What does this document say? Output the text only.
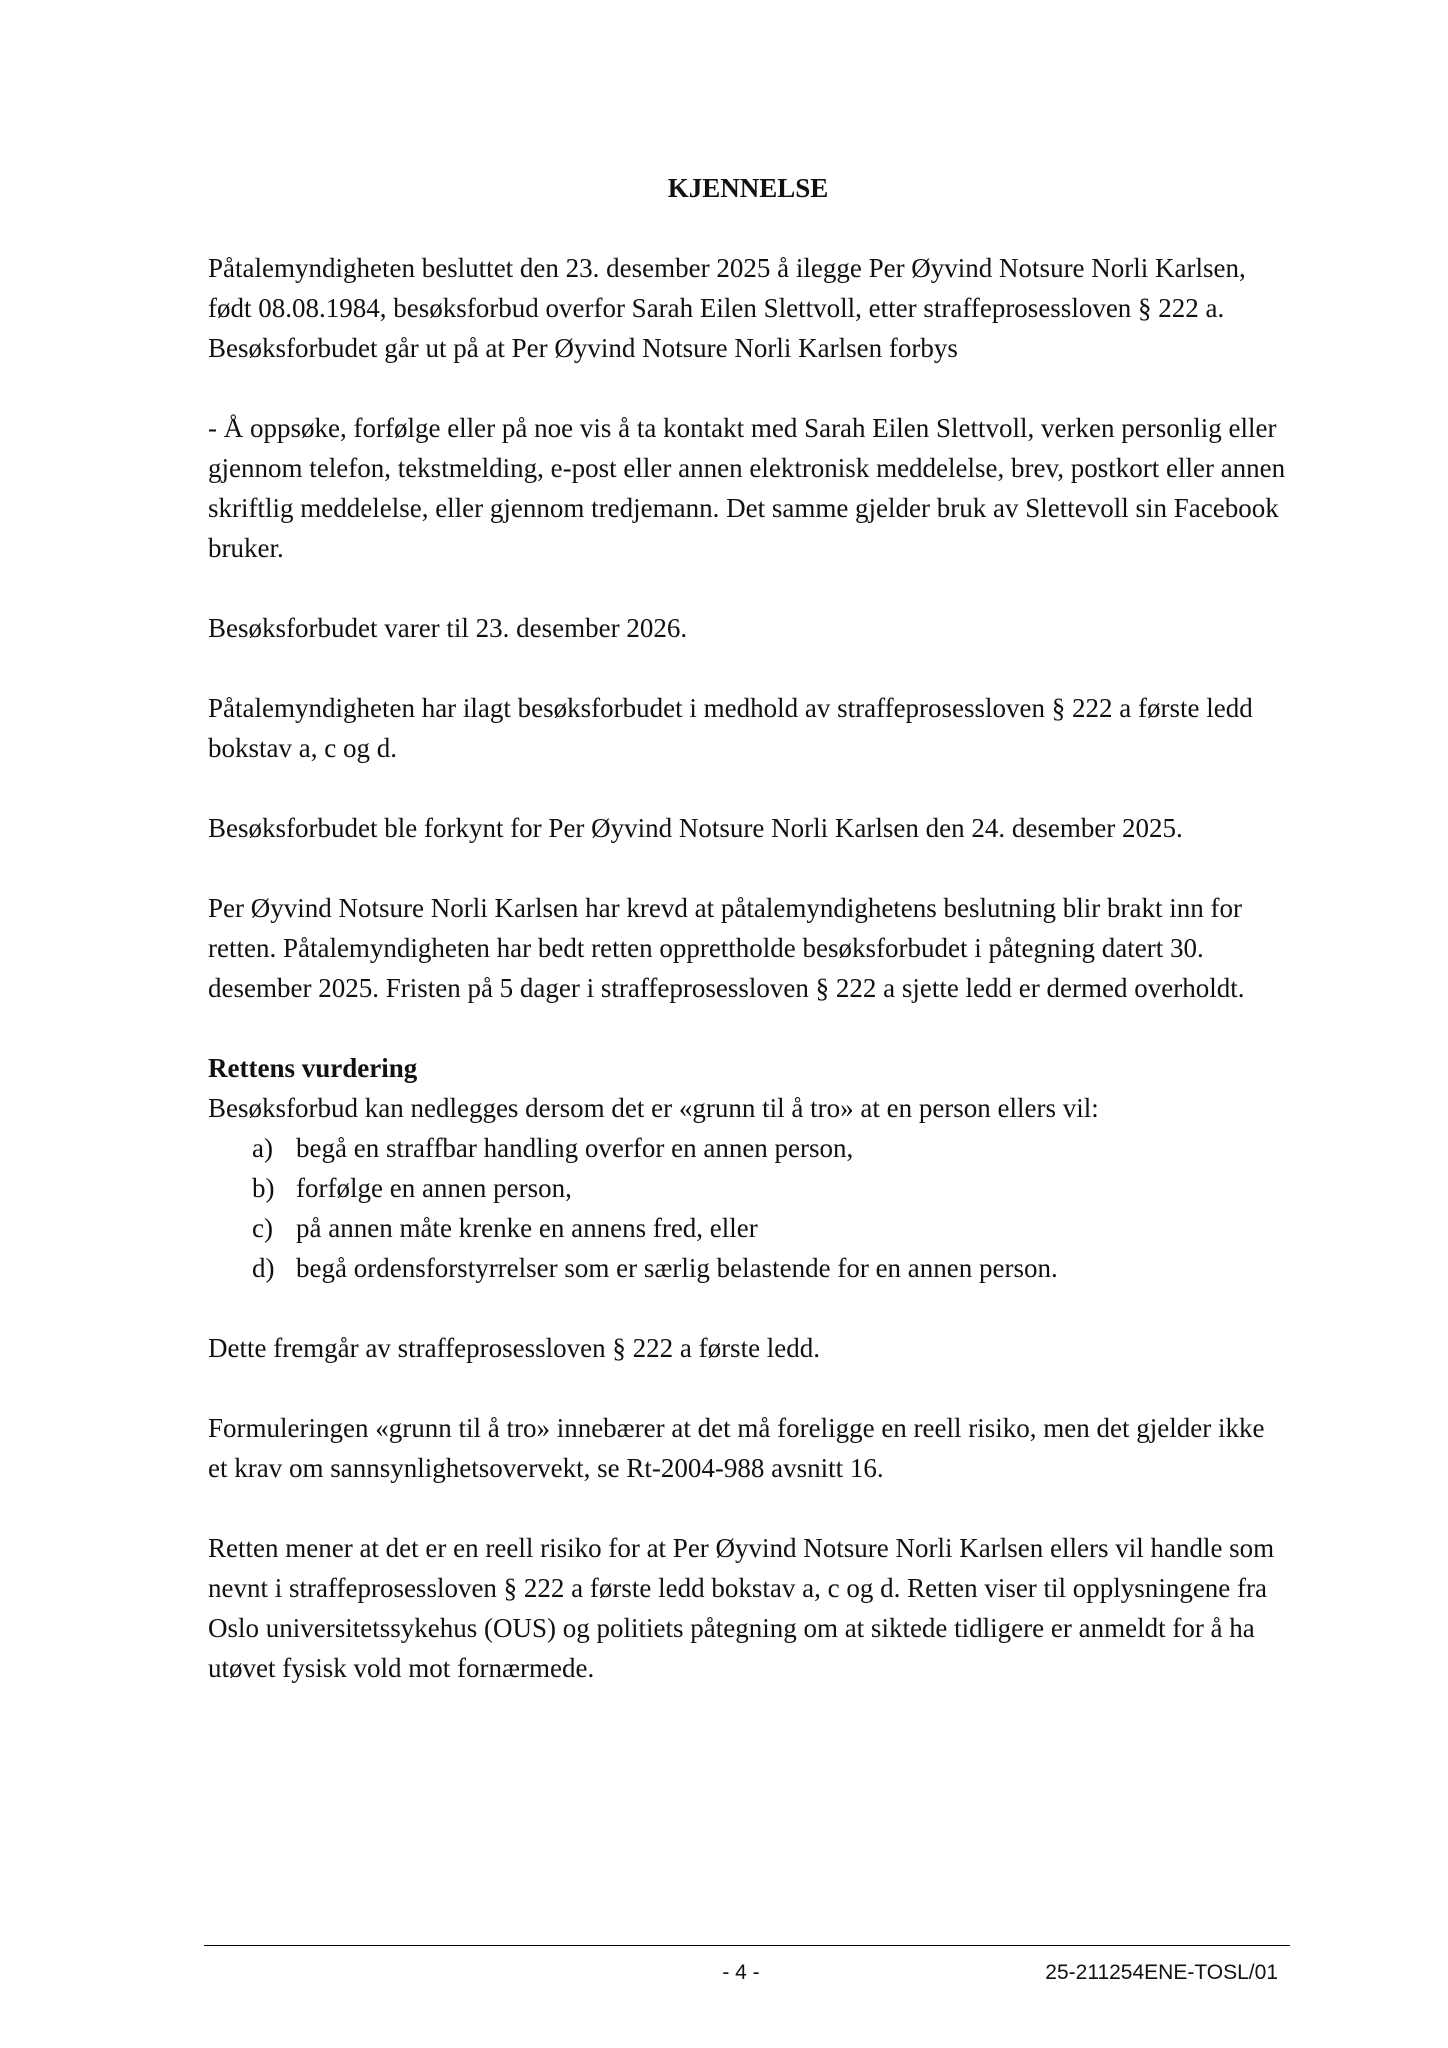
KJENNELSE

Påtalemyndigheten besluttet den 23. desember 2025 å ilegge Per Øyvind Notsure Norli Karlsen, født 08.08.1984, besøksforbud overfor Sarah Eilen Slettvoll, etter straffeprosessloven § 222 a. Besøksforbudet går ut på at Per Øyvind Notsure Norli Karlsen forbys

- Å oppsøke, forfølge eller på noe vis å ta kontakt med Sarah Eilen Slettvoll, verken personlig eller gjennom telefon, tekstmelding, e-post eller annen elektronisk meddelelse, brev, postkort eller annen skriftlig meddelelse, eller gjennom tredjemann. Det samme gjelder bruk av Slettevoll sin Facebook bruker.

Besøksforbudet varer til 23. desember 2026.

Påtalemyndigheten har ilagt besøksforbudet i medhold av straffeprosessloven § 222 a første ledd bokstav a, c og d.

Besøksforbudet ble forkynt for Per Øyvind Notsure Norli Karlsen den 24. desember 2025.

Per Øyvind Notsure Norli Karlsen har krevd at påtalemyndighetens beslutning blir brakt inn for retten. Påtalemyndigheten har bedt retten opprettholde besøksforbudet i påtegning datert 30. desember 2025. Fristen på 5 dager i straffeprosessloven § 222 a sjette ledd er dermed overholdt.

Rettens vurdering
Besøksforbud kan nedlegges dersom det er «grunn til å tro» at en person ellers vil:
a) begå en straffbar handling overfor en annen person,
b) forfølge en annen person,
c) på annen måte krenke en annens fred, eller
d) begå ordensforstyrrelser som er særlig belastende for en annen person.

Dette fremgår av straffeprosessloven § 222 a første ledd.

Formuleringen «grunn til å tro» innebærer at det må foreligge en reell risiko, men det gjelder ikke et krav om sannsynlighetsovervekt, se Rt-2004-988 avsnitt 16.

Retten mener at det er en reell risiko for at Per Øyvind Notsure Norli Karlsen ellers vil handle som nevnt i straffeprosessloven § 222 a første ledd bokstav a, c og d. Retten viser til opplysningene fra Oslo universitetssykehus (OUS) og politiets påtegning om at siktede tidligere er anmeldt for å ha utøvet fysisk vold mot fornærmede.

- 4 -	25-211254ENE-TOSL/01
